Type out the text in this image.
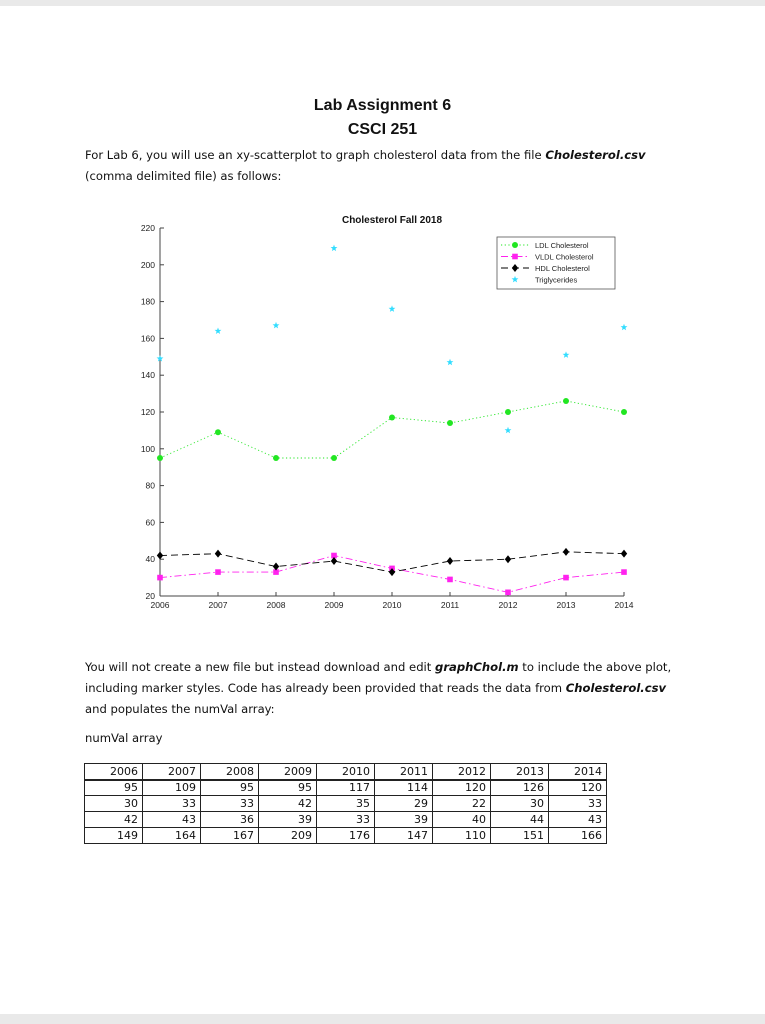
Lab Assignment 6
CSCI 251
For Lab 6, you will use an xy-scatterplot to graph cholesterol data from the file Cholesterol.csv (comma delimited file) as follows:
Cholesterol Fall 2018
20
40
60
80
100
120
140
160
180
200
220
2006	2007	2008	2009	2010	2011	2012	2013	2014
LDL Cholesterol
VLDL Cholesterol
HDL Cholesterol
Triglycerides
You will not create a new file but instead download and edit graphChol.m to include the above plot, including marker styles. Code has already been provided that reads the data from Cholesterol.csv and populates the numVal array:
numVal array
2006	2007	2008	2009	2010	2011	2012	2013	2014
95	109	95	95	117	114	120	126	120
30	33	33	42	35	29	22	30	33
42	43	36	39	33	39	40	44	43
149	164	167	209	176	147	110	151	166
